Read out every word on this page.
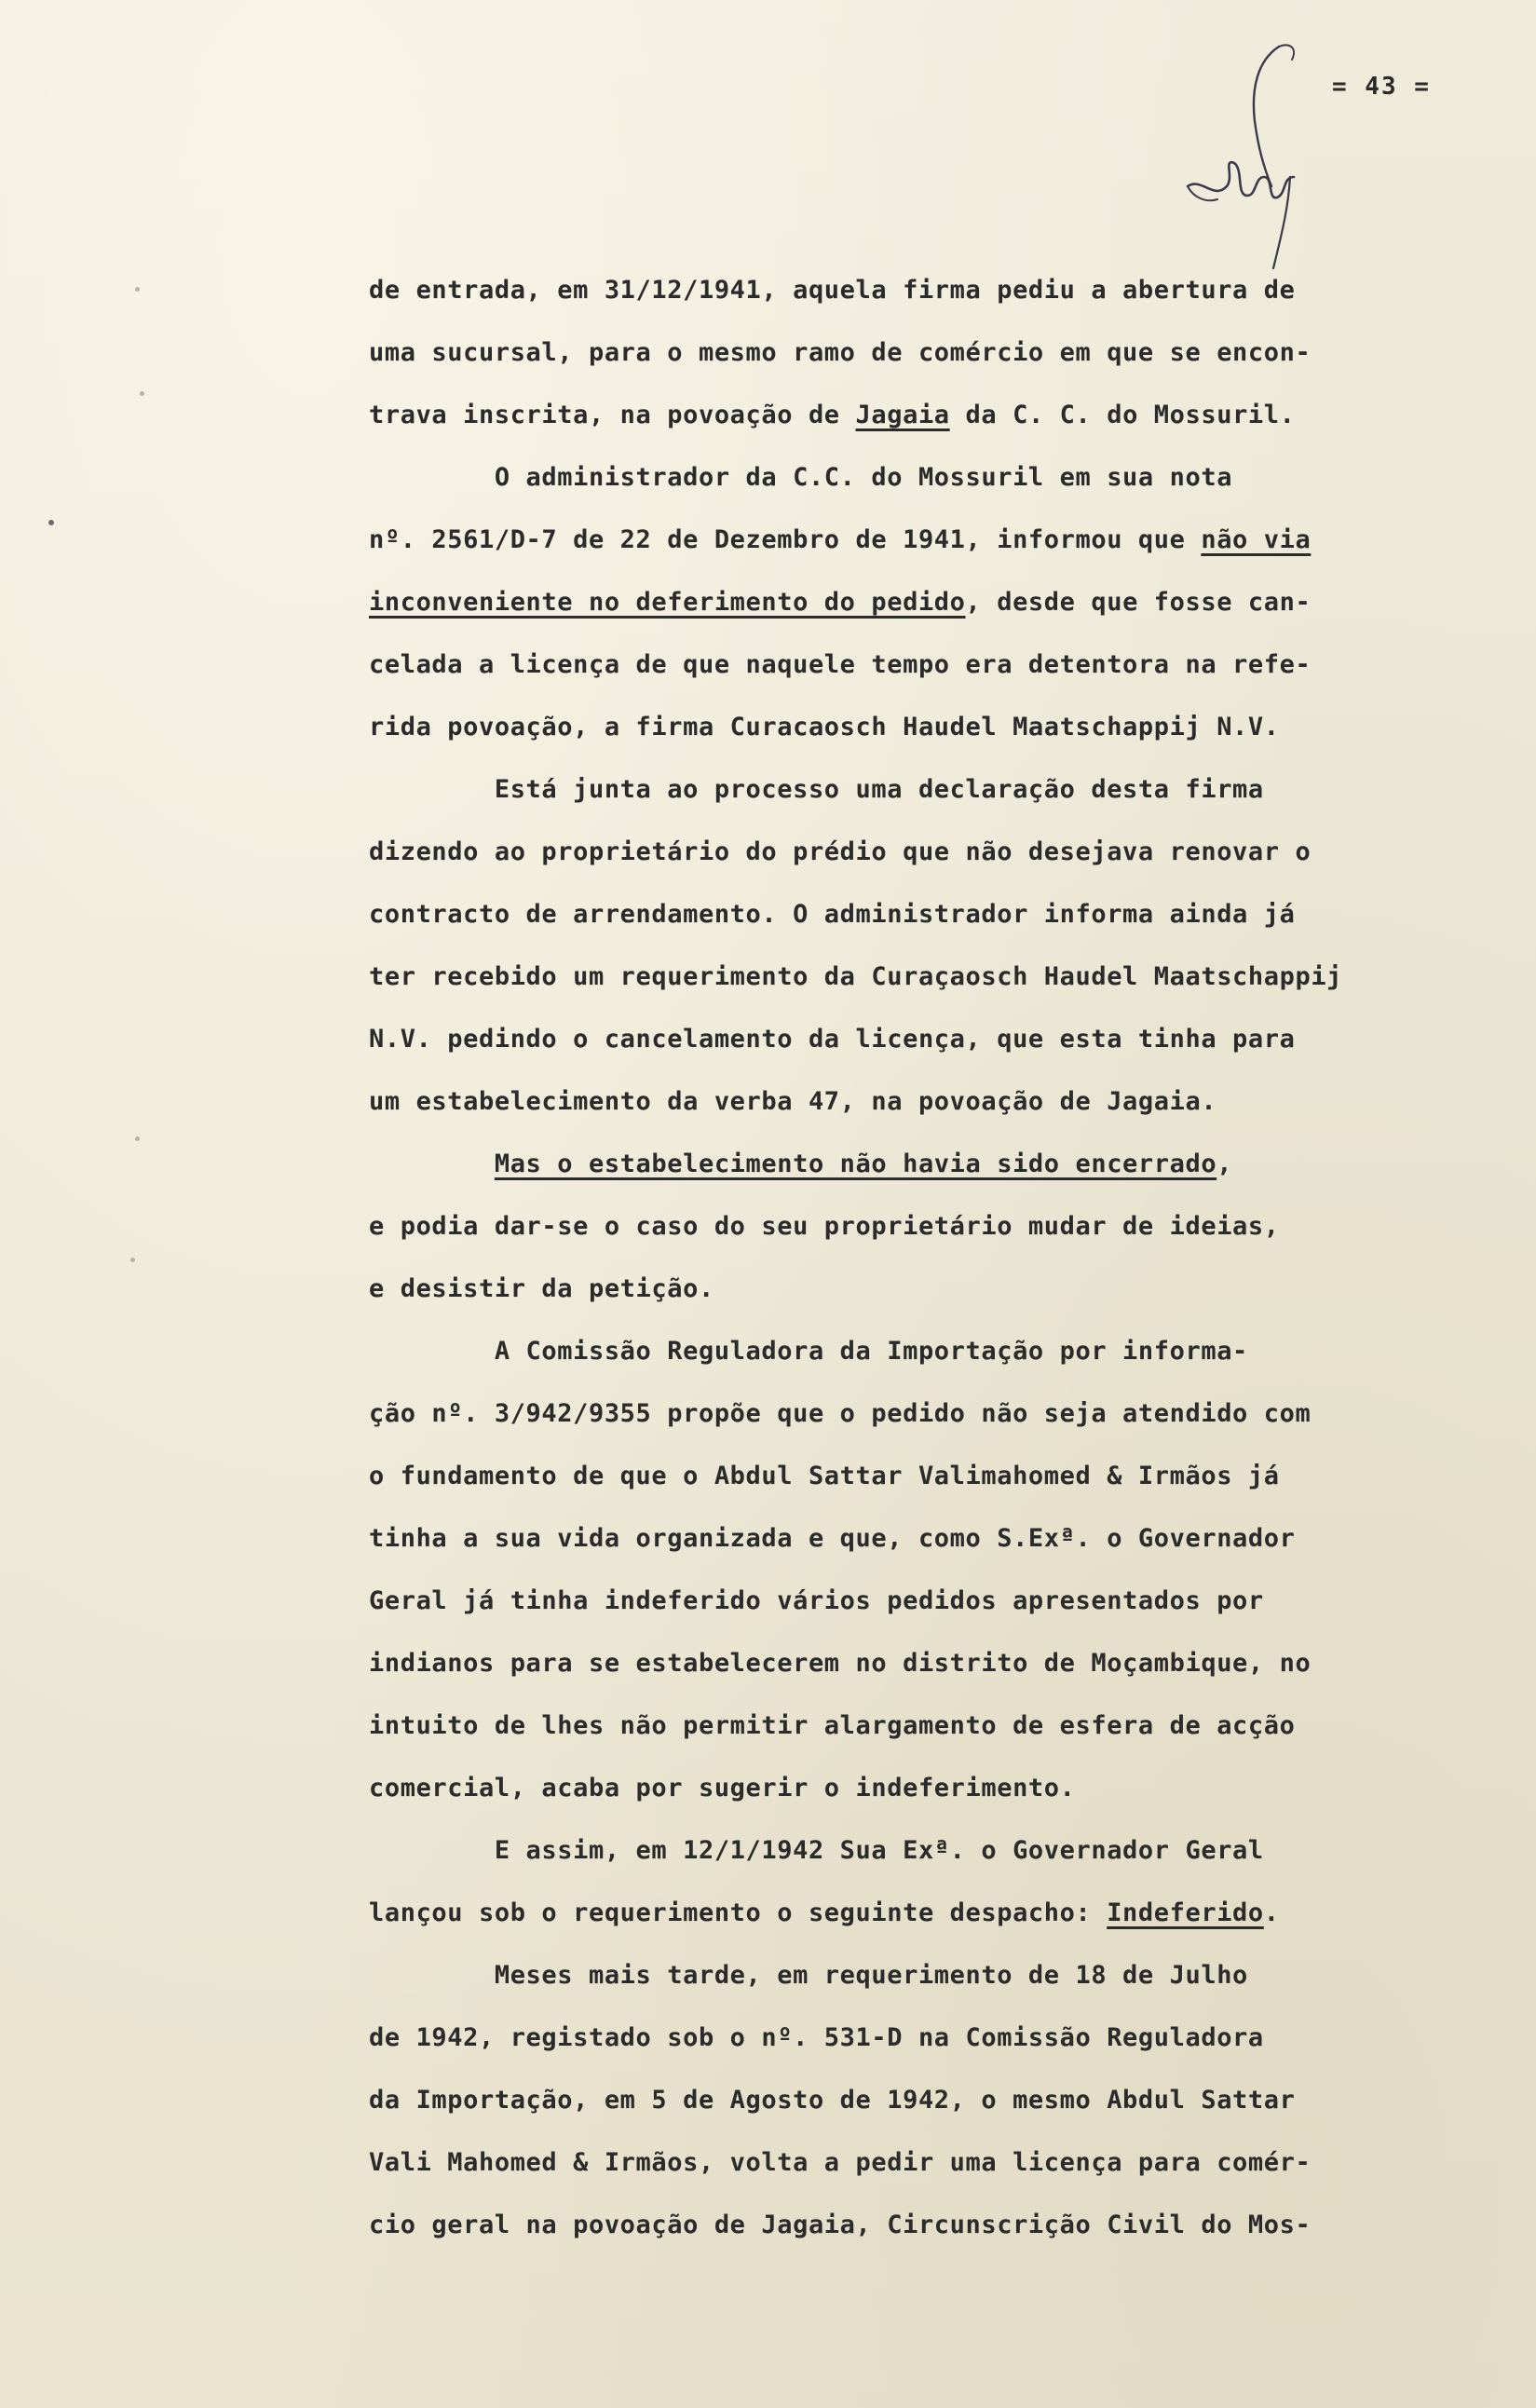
= 43 =
de entrada, em 31/12/1941, aquela firma pediu a abertura de
uma sucursal, para o mesmo ramo de comércio em que se encon-
trava inscrita, na povoação de Jagaia da C. C. do Mossuril.
O administrador da C.C. do Mossuril em sua nota
nº. 2561/D-7 de 22 de Dezembro de 1941, informou que não via
inconveniente no deferimento do pedido, desde que fosse can-
celada a licença de que naquele tempo era detentora na refe-
rida povoação, a firma Curacaosch Haudel Maatschappij N.V.
Está junta ao processo uma declaração desta firma
dizendo ao proprietário do prédio que não desejava renovar o
contracto de arrendamento. O administrador informa ainda já
ter recebido um requerimento da Curaçaosch Haudel Maatschappij
N.V. pedindo o cancelamento da licença, que esta tinha para
um estabelecimento da verba 47, na povoação de Jagaia.
Mas o estabelecimento não havia sido encerrado,
e podia dar-se o caso do seu proprietário mudar de ideias,
e desistir da petição.
A Comissão Reguladora da Importação por informa-
ção nº. 3/942/9355 propõe que o pedido não seja atendido com
o fundamento de que o Abdul Sattar Valimahomed & Irmãos já
tinha a sua vida organizada e que, como S.Exª. o Governador
Geral já tinha indeferido vários pedidos apresentados por
indianos para se estabelecerem no distrito de Moçambique, no
intuito de lhes não permitir alargamento de esfera de acção
comercial, acaba por sugerir o indeferimento.
E assim, em 12/1/1942 Sua Exª. o Governador Geral
lançou sob o requerimento o seguinte despacho: Indeferido.
Meses mais tarde, em requerimento de 18 de Julho
de 1942, registado sob o nº. 531-D na Comissão Reguladora
da Importação, em 5 de Agosto de 1942, o mesmo Abdul Sattar
Vali Mahomed & Irmãos, volta a pedir uma licença para comér-
cio geral na povoação de Jagaia, Circunscrição Civil do Mos-
